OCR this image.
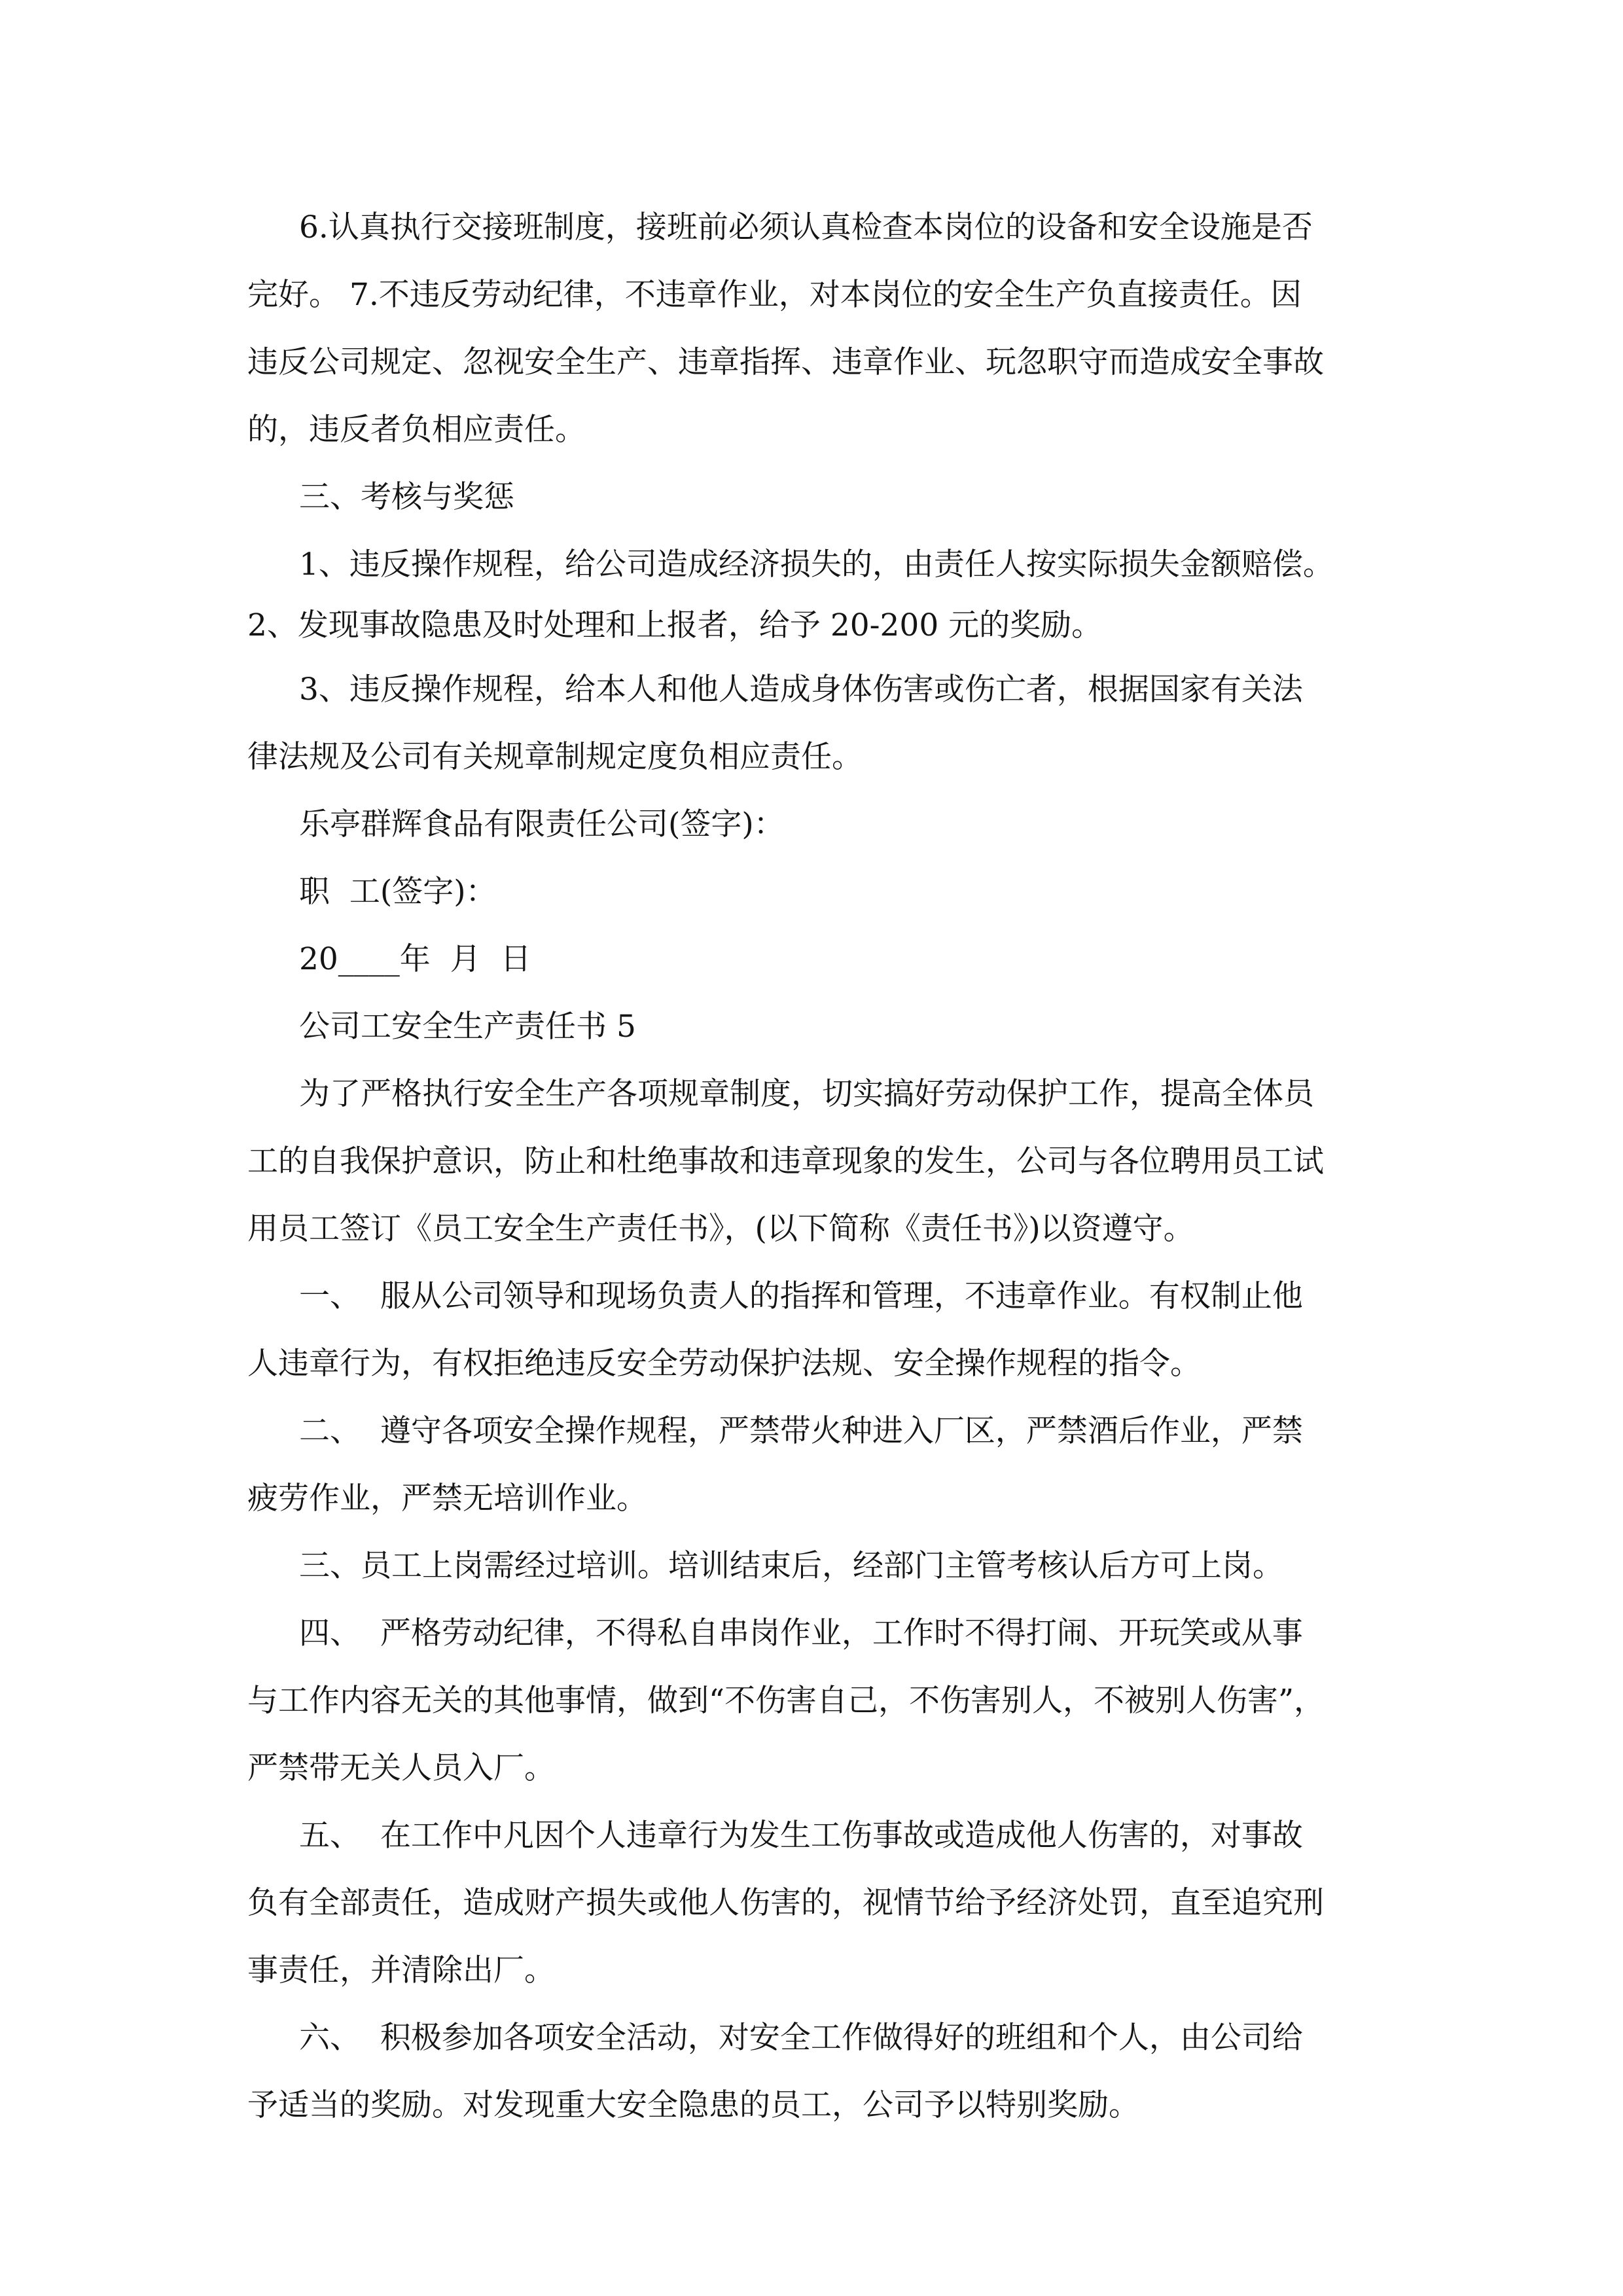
6.认真执行交接班制度，接班前必须认真检查本岗位的设备和安全设施是否
完好。 7.不违反劳动纪律，不违章作业，对本岗位的安全生产负直接责任。因
违反公司规定、忽视安全生产、违章指挥、违章作业、玩忽职守而造成安全事故
的，违反者负相应责任。
三、考核与奖惩
1、违反操作规程，给公司造成经济损失的，由责任人按实际损失金额赔偿。
2、发现事故隐患及时处理和上报者，给予 20-200 元的奖励。
3、违反操作规程，给本人和他人造成身体伤害或伤亡者，根据国家有关法
律法规及公司有关规章制规定度负相应责任。
乐亭群辉食品有限责任公司(签字)：
职  工(签字)：
20____年  月  日
公司工安全生产责任书 5
为了严格执行安全生产各项规章制度，切实搞好劳动保护工作，提高全体员
工的自我保护意识，防止和杜绝事故和违章现象的发生，公司与各位聘用员工试
用员工签订《员工安全生产责任书》，(以下简称《责任书》)以资遵守。
一、  服从公司领导和现场负责人的指挥和管理，不违章作业。有权制止他
人违章行为，有权拒绝违反安全劳动保护法规、安全操作规程的指令。
二、  遵守各项安全操作规程，严禁带火种进入厂区，严禁酒后作业，严禁
疲劳作业，严禁无培训作业。
三、员工上岗需经过培训。培训结束后，经部门主管考核认后方可上岗。
四、  严格劳动纪律，不得私自串岗作业，工作时不得打闹、开玩笑或从事
与工作内容无关的其他事情，做到“不伤害自己，不伤害别人，不被别人伤害”，
严禁带无关人员入厂。
五、  在工作中凡因个人违章行为发生工伤事故或造成他人伤害的，对事故
负有全部责任，造成财产损失或他人伤害的，视情节给予经济处罚，直至追究刑
事责任，并清除出厂。
六、  积极参加各项安全活动，对安全工作做得好的班组和个人，由公司给
予适当的奖励。对发现重大安全隐患的员工，公司予以特别奖励。
